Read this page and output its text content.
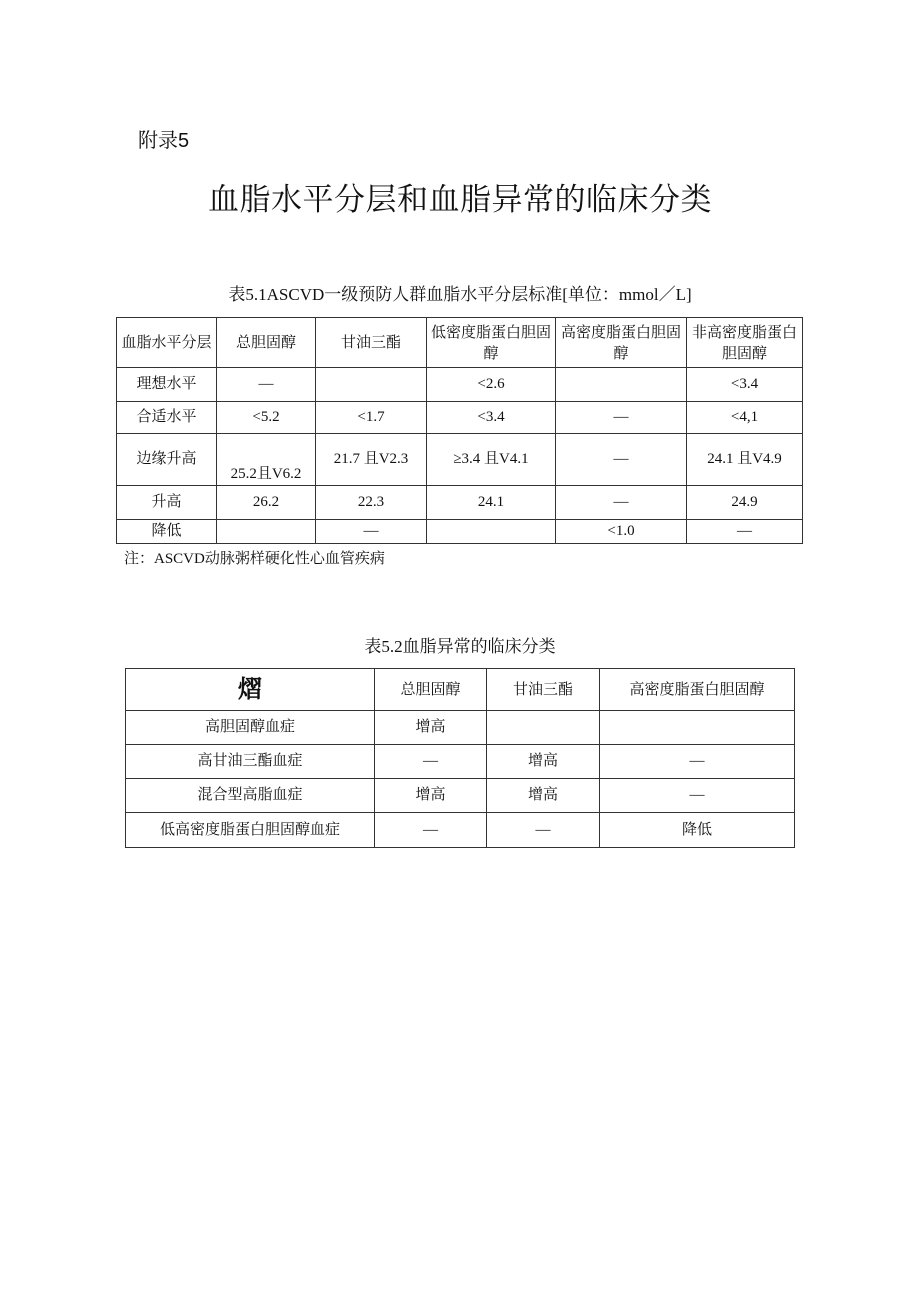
附录5
血脂水平分层和血脂异常的临床分类
表5.1ASCVD一级预防人群血脂水平分层标准[单位：mmol／L]
血脂水平分层	总胆固醇	甘油三酯	低密度脂蛋白胆固醇	高密度脂蛋白胆固醇	非高密度脂蛋白胆固醇
理想水平	—		<2.6		<3.4
合适水平	<5.2	<1.7	<3.4	—	<4,1
边缘升高	25.2且V6.2	21.7 且V2.3	≥3.4 且V4.1	—	24.1 且V4.9
升高	26.2	22.3	24.1	—	24.9
降低		—		<1.0	—
注：ASCVD动脉粥样硬化性心血管疾病
表5.2血脂异常的临床分类
熠	总胆固醇	甘油三酯	高密度脂蛋白胆固醇
高胆固醇血症	增高		
高甘油三酯血症	—	增高	—
混合型高脂血症	增高	增高	—
低高密度脂蛋白胆固醇血症	—	—	降低
